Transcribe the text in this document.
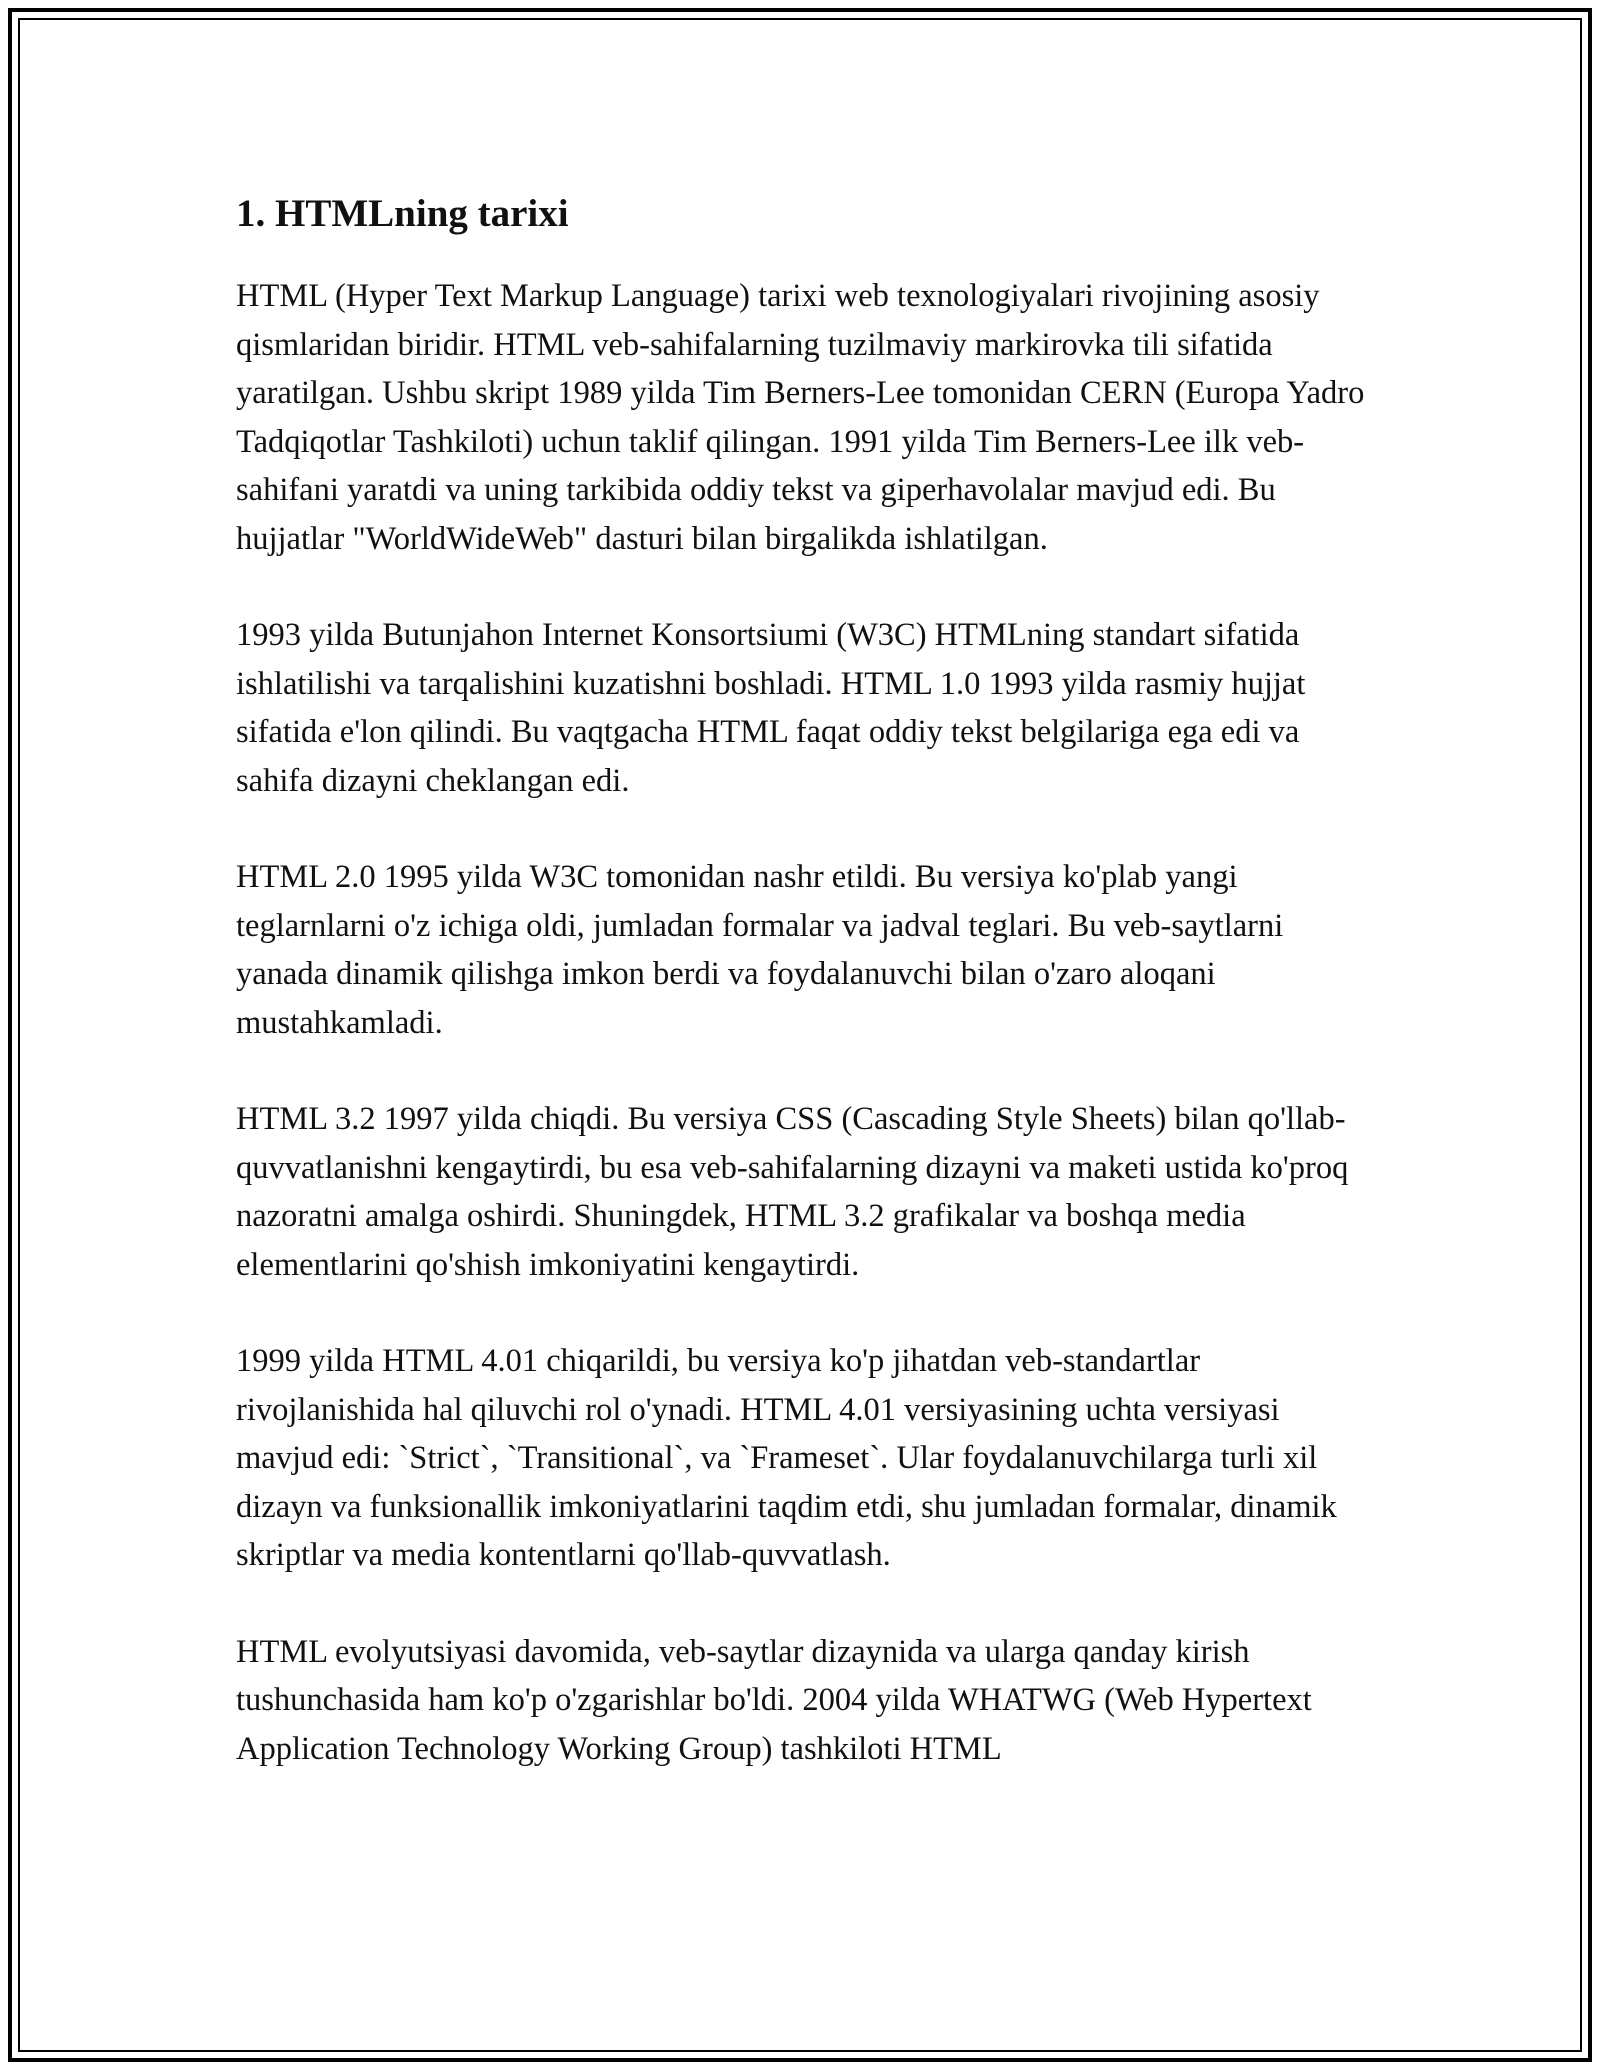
1. HTMLning tarixi

HTML (Hyper Text Markup Language) tarixi web texnologiyalari rivojining asosiy qismlaridan biridir. HTML veb-sahifalarning tuzilmaviy markirovka tili sifatida yaratilgan. Ushbu skript 1989 yilda Tim Berners-Lee tomonidan CERN (Europa Yadro Tadqiqotlar Tashkiloti) uchun taklif qilingan. 1991 yilda Tim Berners-Lee ilk veb-sahifani yaratdi va uning tarkibida oddiy tekst va giperhavolalar mavjud edi. Bu hujjatlar "WorldWideWeb" dasturi bilan birgalikda ishlatilgan.

1993 yilda Butunjahon Internet Konsortsiumi (W3C) HTMLning standart sifatida ishlatilishi va tarqalishini kuzatishni boshladi. HTML 1.0 1993 yilda rasmiy hujjat sifatida e'lon qilindi. Bu vaqtgacha HTML faqat oddiy tekst belgilariga ega edi va sahifa dizayni cheklangan edi.

HTML 2.0 1995 yilda W3C tomonidan nashr etildi. Bu versiya ko'plab yangi teglarnlarni o'z ichiga oldi, jumladan formalar va jadval teglari. Bu veb-saytlarni yanada dinamik qilishga imkon berdi va foydalanuvchi bilan o'zaro aloqani mustahkamladi.

HTML 3.2 1997 yilda chiqdi. Bu versiya CSS (Cascading Style Sheets) bilan qo'llab-quvvatlanishni kengaytirdi, bu esa veb-sahifalarning dizayni va maketi ustida ko'proq nazoratni amalga oshirdi. Shuningdek, HTML 3.2 grafikalar va boshqa media elementlarini qo'shish imkoniyatini kengaytirdi.

1999 yilda HTML 4.01 chiqarildi, bu versiya ko'p jihatdan veb-standartlar rivojlanishida hal qiluvchi rol o'ynadi. HTML 4.01 versiyasining uchta versiyasi mavjud edi: `Strict`, `Transitional`, va `Frameset`. Ular foydalanuvchilarga turli xil dizayn va funksionallik imkoniyatlarini taqdim etdi, shu jumladan formalar, dinamik skriptlar va media kontentlarni qo'llab-quvvatlash.

HTML evolyutsiyasi davomida, veb-saytlar dizaynida va ularga qanday kirish tushunchasida ham ko'p o'zgarishlar bo'ldi. 2004 yilda WHATWG (Web Hypertext Application Technology Working Group) tashkiloti HTML
